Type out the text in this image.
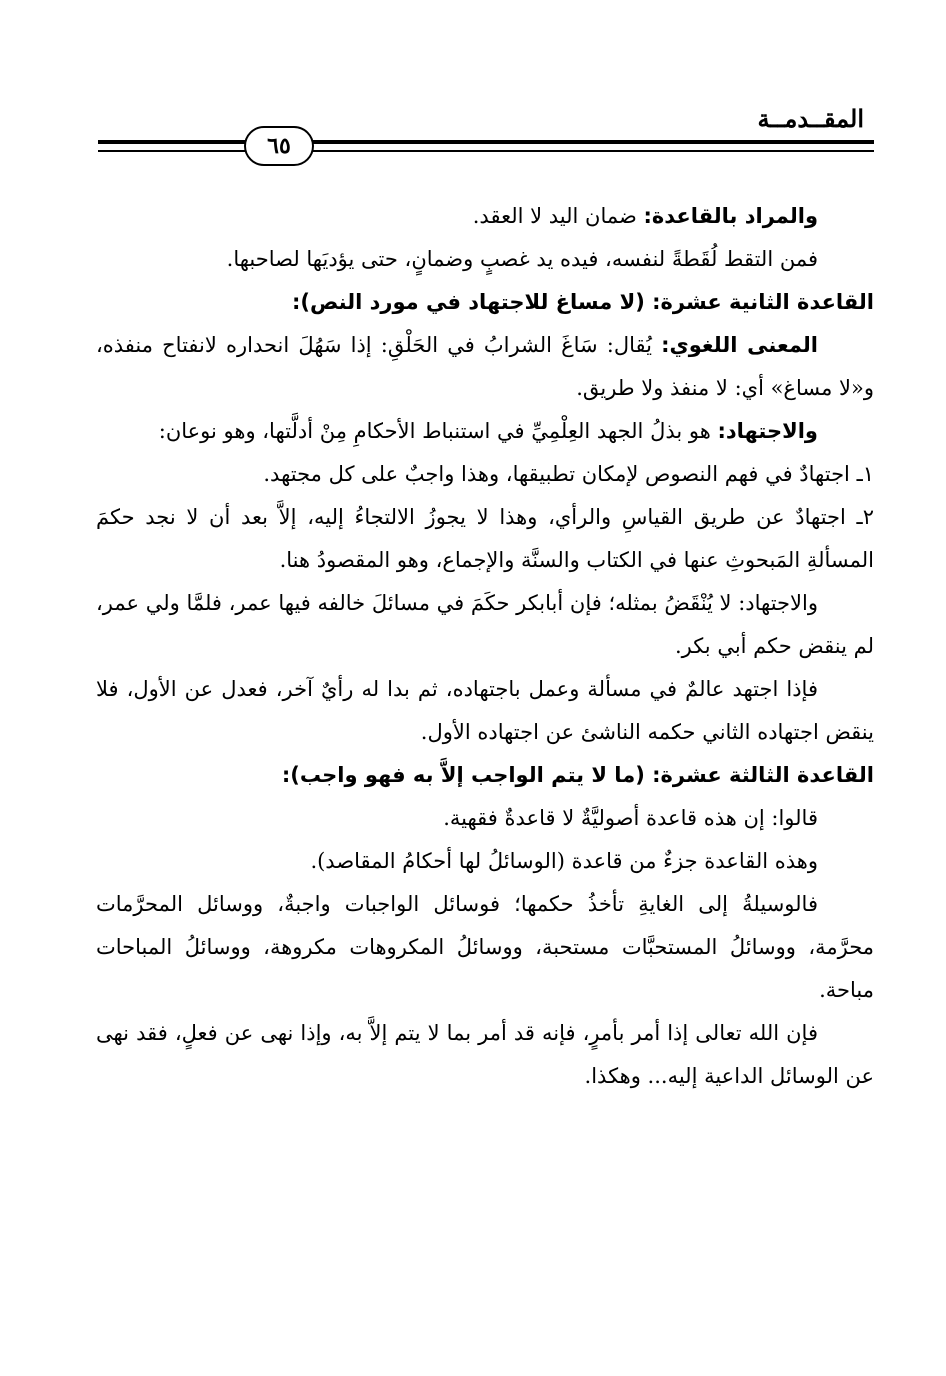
المقــدمــة
٦٥

والمراد بالقاعدة: ضمان اليد لا العقد.

فمن التقط لُقَطةً لنفسه، فيده يد غصبٍ وضمانٍ، حتى يؤديَها لصاحبها.

القاعدة الثانية عشرة: (لا مساغ للاجتهاد في مورد النص):

المعنى اللغوي: يُقال: سَاغَ الشرابُ في الحَلْقِ: إذا سَهُلَ انحداره لانفتاح منفذه، و«لا مساغ» أي: لا منفذ ولا طريق.

والاجتهاد: هو بذلُ الجهد العِلْمِيِّ في استنباط الأحكامِ مِنْ أدلَّتها، وهو نوعان:

١ـ اجتهادٌ في فهم النصوص لإمكان تطبيقها، وهذا واجبٌ على كل مجتهد.

٢ـ اجتهادٌ عن طريق القياسِ والرأي، وهذا لا يجوزُ الالتجاءُ إليه، إلاَّ بعد أن لا نجد حكمَ المسألةِ المَبحوثِ عنها في الكتاب والسنَّة والإجماع، وهو المقصودُ هنا.

والاجتهاد: لا يُنْقَضُ بمثله؛ فإن أبابكر حكَمَ في مسائلَ خالفه فيها عمر، فلمَّا ولي عمر، لم ينقض حكم أبي بكر.

فإذا اجتهد عالمٌ في مسألة وعمل باجتهاده، ثم بدا له رأيٌ آخر، فعدل عن الأول، فلا ينقض اجتهاده الثاني حكمه الناشئ عن اجتهاده الأول.

القاعدة الثالثة عشرة: (ما لا يتم الواجب إلاَّ به فهو واجب):

قالوا: إن هذه قاعدة أصوليَّةٌ لا قاعدةٌ فقهية.

وهذه القاعدة جزءٌ من قاعدة (الوسائلُ لها أحكامُ المقاصد).

فالوسيلةُ إلى الغايةِ تأخذُ حكمها؛ فوسائل الواجبات واجبةٌ، ووسائل المحرَّمات محرَّمة، ووسائلُ المستحبَّات مستحبة، ووسائلُ المكروهات مكروهة، ووسائلُ المباحات مباحة.

فإن الله تعالى إذا أمر بأمرٍ، فإنه قد أمر بما لا يتم إلاَّ به، وإذا نهى عن فعلٍ، فقد نهى عن الوسائل الداعية إليه... وهكذا.
